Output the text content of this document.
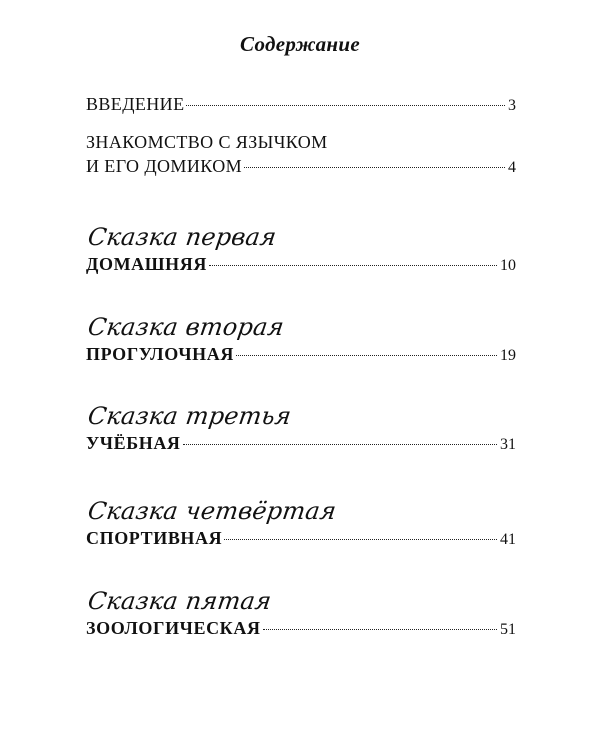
Содержание
ВВЕДЕНИЕ	3
ЗНАКОМСТВО С ЯЗЫЧКОМ
И ЕГО ДОМИКОМ	4
Сказка первая
ДОМАШНЯЯ	10
Сказка вторая
ПРОГУЛОЧНАЯ	19
Сказка третья
УЧЁБНАЯ	31
Сказка четвёртая
СПОРТИВНАЯ	41
Сказка пятая
ЗООЛОГИЧЕСКАЯ	51
